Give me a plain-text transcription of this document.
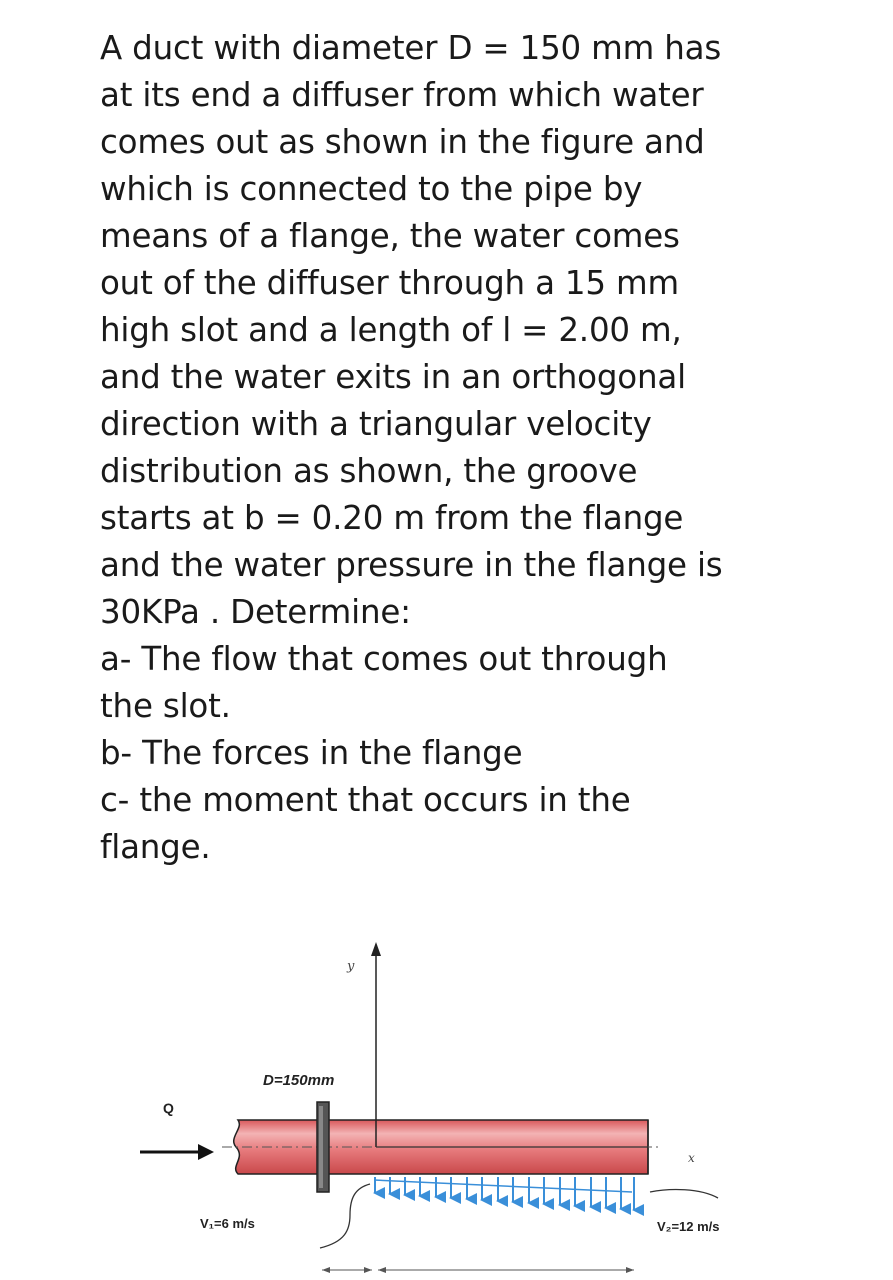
A duct with diameter D = 150 mm has
at its end a diffuser from which water
comes out as shown in the figure and
which is connected to the pipe by
means of a flange, the water comes
out of the diffuser through a 15 mm
high slot and a length of l = 2.00 m,
and the water exits in an orthogonal
direction with a triangular velocity
distribution as shown, the groove
starts at b = 0.20 m from the flange
and the water pressure in the flange is
30KPa . Determine:
a- The flow that comes out through
the slot.
b- The forces in the flange
c- the moment that occurs in the
flange.
Q
y
x
D=150mm
V₁=6 m/s	V₂=12 m/s
